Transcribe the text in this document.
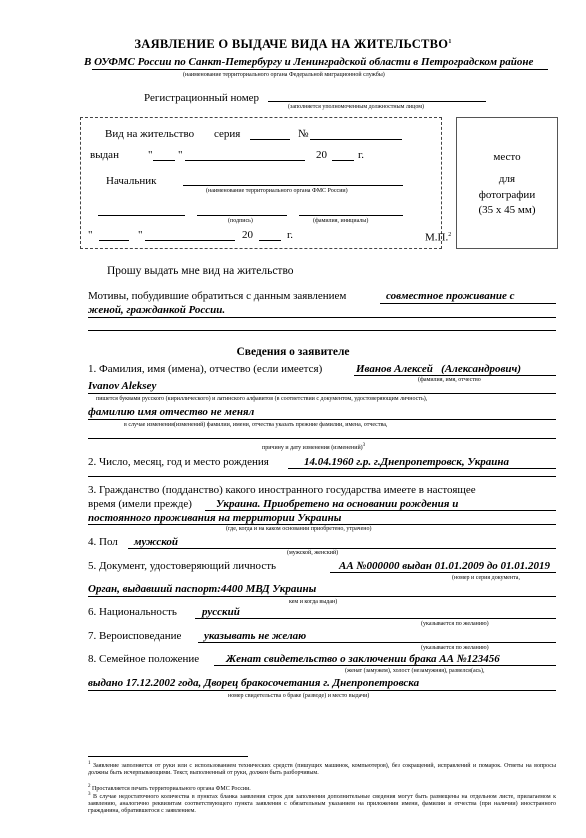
ЗАЯВЛЕНИЕ О ВЫДАЧЕ ВИДА НА ЖИТЕЛЬСТВО$^1$
В ОУФМС России по Санкт-Петербургу и Ленинградской области в Петроградском районе
(наименование территориального органа Федеральной миграционной службы)
Регистрационный номер
(заполняется уполномоченным должностным лицом)
Вид на жительство серия	№
выдан	" "	20	г.
Начальник
(наименование территориального органа ФМС России)
(подпись)	(фамилия, инициалы)
"	"	20	г.	М.П.$^2$
место
для
фотографии
(35 х 45 мм)
Прошу выдать мне вид на жительство
Мотивы, побудившие обратиться с данным заявлением	совместное проживание с
женой, гражданкой России.
Сведения о заявителе
1. Фамилия, имя (имена), отчество (если имеется)	Иванов Алексей   (Александрович)
(фамилия, имя, отчество
Ivanov Aleksey
пишется буквами русского (кириллического) и латинского алфавитов (в соответствии с документом, удостоверяющим личность),
фамилию имя отчество не менял
в случае изменения(изменений) фамилии, имени, отчества указать прежние фамилии, имена, отчества,
причину и дату изменения (изменений)$^3$
2. Число, месяц, год и место рождения	14.04.1960 г.р. г.Днепропетровск, Украина
3. Гражданство (подданство) какого иностранного государства имеете в настоящее
время (имели прежде) Украина. Приобретено на основании рождения и
постоянного проживания на территории Украины
(где, когда и на каком основании приобретено, утрачено)
4. Пол мужской
(мужской, женский)
5. Документ, удостоверяющий личность	АА №000000 выдан 01.01.2009 до 01.01.2019
(номер и серия документа,
Орган, выдавший паспорт:4400 МВД Украины
кем и когда выдан)
6. Национальность русский
(указывается по желанию)
7. Вероисповедание указывать не желаю
(указывается по желанию)
8. Семейное положение Женат свидетельство о заключении брака АА №123456
(женат (замужем), холост (незамужняя), развелся(ась),
выдано 17.12.2002 года, Дворец бракосочетания г. Днепропетровска
номер свидетельства о браке (разводе) и место выдачи)
$^1$ Заявление заполняется от руки или с использованием технических средств (пишущих машинок, компьютеров), без сокращений, исправлений и помарок. Ответы на вопросы должны быть исчерпывающими. Текст, выполненный от руки, должен быть разборчивым.
$^2$ Проставляется печать территориального органа ФМС России.
$^3$ В случае недостаточного количества в пунктах бланка заявления строк для заполнения дополнительные сведения могут быть размещены на отдельном листе, прилагаемом к заявлению, аналогично реквизитам соответствующего пункта заявления с обязательным указанием на приложении имени, фамилии и отчества (при наличии) иностранного гражданина, обратившегося с заявлением.
